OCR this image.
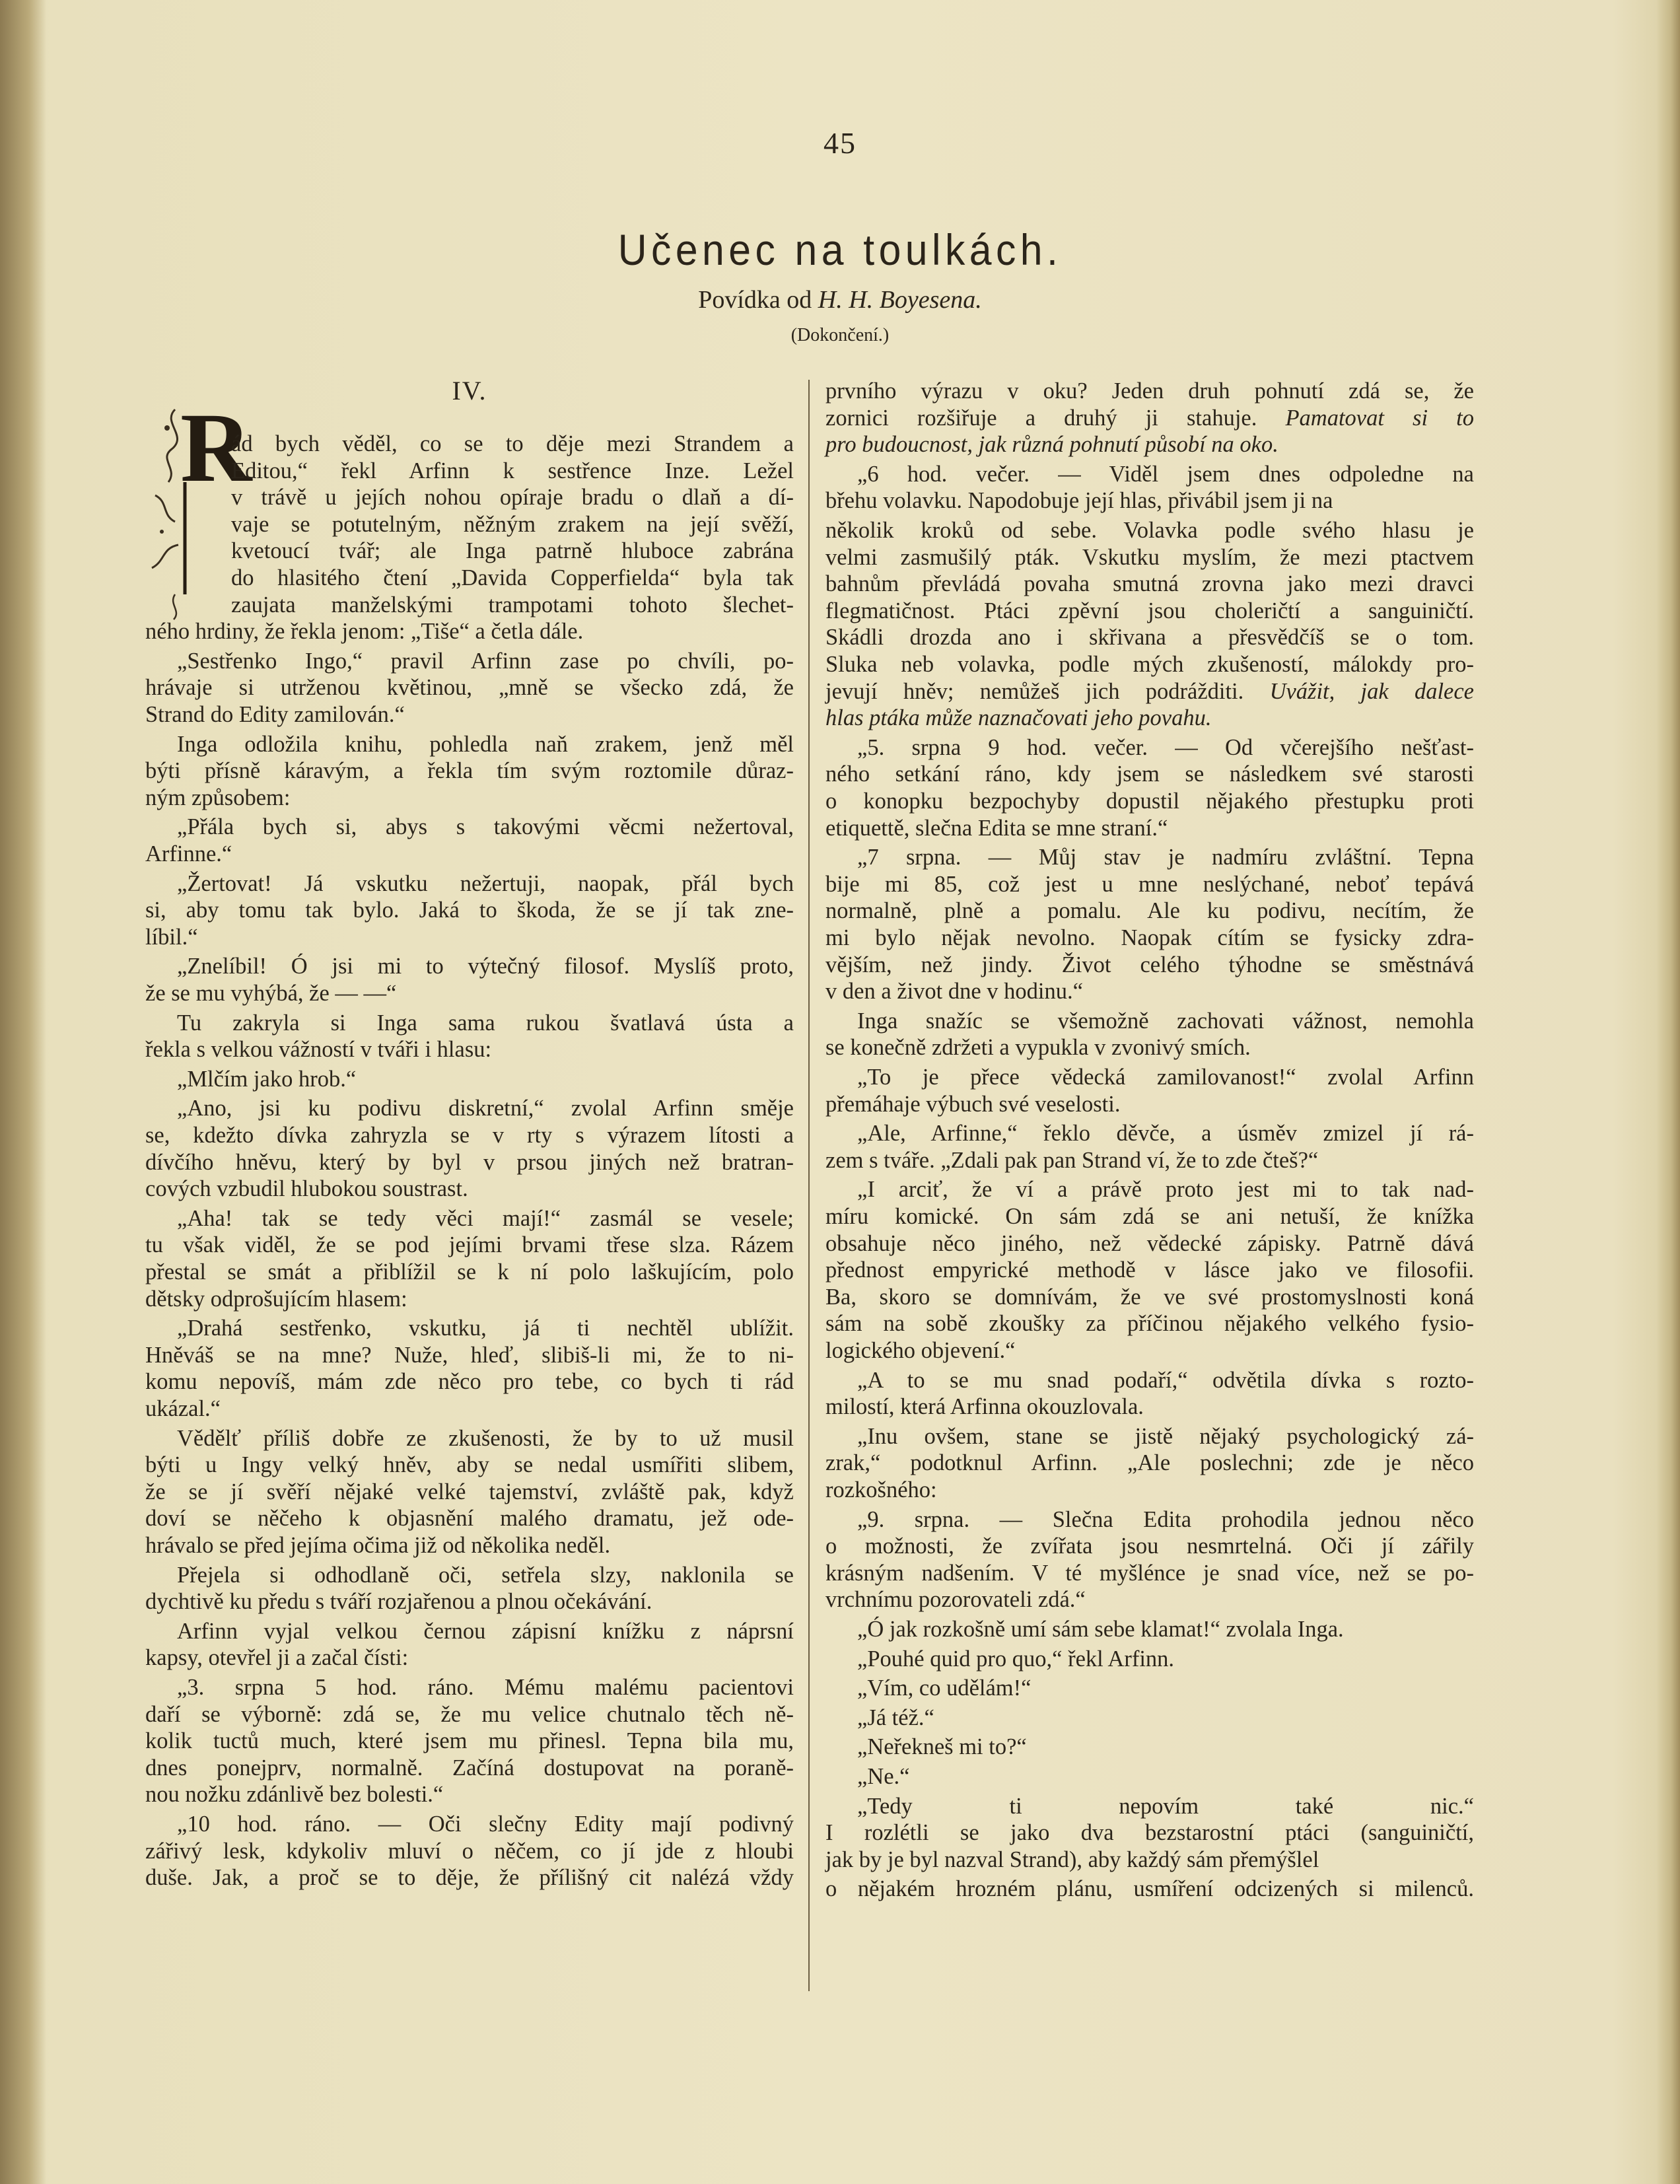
45
Učenec na toulkách.
Povídka od H. H. Boyesena.
(Dokončení.)
IV.
R
ád bych věděl, co se to děje mezi Strandem a
Editou,“ řekl Arfinn k sestřence Inze. Ležel
v trávě u jejích nohou opíraje bradu o dlaň a dí-
vaje se potutelným, něžným zrakem na její svěží,
kvetoucí tvář; ale Inga patrně hluboce zabrána
do hlasitého čtení „Davida Copperfielda“ byla tak
zaujata manželskými trampotami tohoto šlechet-
ného hrdiny, že řekla jenom: „Tiše“ a četla dále.
„Sestřenko Ingo,“ pravil Arfinn zase po chvíli, po-
hrávaje si utrženou květinou, „mně se všecko zdá, že
Strand do Edity zamilován.“
Inga odložila knihu, pohledla naň zrakem, jenž měl
býti přísně káravým, a řekla tím svým roztomile důraz-
ným způsobem:
„Přála bych si, abys s takovými věcmi nežertoval,
Arfinne.“
„Žertovat! Já vskutku nežertuji, naopak, přál bych
si, aby tomu tak bylo. Jaká to škoda, že se jí tak zne-
líbil.“
„Znelíbil! Ó jsi mi to výtečný filosof. Myslíš proto,
že se mu vyhýbá, že — —“
Tu zakryla si Inga sama rukou švatlavá ústa a
řekla s velkou vážností v tváři i hlasu:
„Mlčím jako hrob.“
„Ano, jsi ku podivu diskretní,“ zvolal Arfinn směje
se, kdežto dívka zahryzla se v rty s výrazem lítosti a
dívčího hněvu, který by byl v prsou jiných než bratran-
cových vzbudil hlubokou soustrast.
„Aha! tak se tedy věci mají!“ zasmál se vesele;
tu však viděl, že se pod jejími brvami třese slza. Rázem
přestal se smát a přiblížil se k ní polo laškujícím, polo
dětsky odprošujícím hlasem:
„Drahá sestřenko, vskutku, já ti nechtěl ublížit.
Hněváš se na mne? Nuže, hleď, slibiš-li mi, že to ni-
komu nepovíš, mám zde něco pro tebe, co bych ti rád
ukázal.“
Vědělť příliš dobře ze zkušenosti, že by to už musil
býti u Ingy velký hněv, aby se nedal usmířiti slibem,
že se jí svěří nějaké velké tajemství, zvláště pak, když
doví se něčeho k objasnění malého dramatu, jež ode-
hrávalo se před jejíma očima již od několika neděl.
Přejela si odhodlaně oči, setřela slzy, naklonila se
dychtivě ku předu s tváří rozjařenou a plnou očekávání.
Arfinn vyjal velkou černou zápisní knížku z náprsní
kapsy, otevřel ji a začal čísti:
„3. srpna 5 hod. ráno. Mému malému pacientovi
daří se výborně: zdá se, že mu velice chutnalo těch ně-
kolik tuctů much, které jsem mu přinesl. Tepna bila mu,
dnes ponejprv, normalně. Začíná dostupovat na poraně-
nou nožku zdánlivě bez bolesti.“
„10 hod. ráno. — Oči slečny Edity mají podivný
zářivý lesk, kdykoliv mluví o něčem, co jí jde z hloubi
duše. Jak, a proč se to děje, že přílišný cit nalézá vždy
prvního výrazu v oku? Jeden druh pohnutí zdá se, že
zornici rozšiřuje a druhý ji stahuje. Pamatovat si to
pro budoucnost, jak různá pohnutí působí na oko.
„6 hod. večer. — Viděl jsem dnes odpoledne na
břehu volavku. Napodobuje její hlas, přivábil jsem ji na
několik kroků od sebe. Volavka podle svého hlasu je
velmi zasmušilý pták. Vskutku myslím, že mezi ptactvem
bahnům převládá povaha smutná zrovna jako mezi dravci
flegmatičnost. Ptáci zpěvní jsou choleričtí a sanguiničtí.
Skádli drozda ano i skřivana a přesvědčíš se o tom.
Sluka neb volavka, podle mých zkušeností, málokdy pro-
jevují hněv; nemůžeš jich podrážditi. Uvážit, jak dalece
hlas ptáka může naznačovati jeho povahu.
„5. srpna 9 hod. večer. — Od včerejšího nešťast-
ného setkání ráno, kdy jsem se následkem své starosti
o konopku bezpochyby dopustil nějakého přestupku proti
etiquettě, slečna Edita se mne straní.“
„7 srpna. — Můj stav je nadmíru zvláštní. Tepna
bije mi 85, což jest u mne neslýchané, neboť tepává
normalně, plně a pomalu. Ale ku podivu, necítím, že
mi bylo nějak nevolno. Naopak cítím se fysicky zdra-
vějším, než jindy. Život celého týhodne se směstnává
v den a život dne v hodinu.“
Inga snažíc se všemožně zachovati vážnost, nemohla
se konečně zdržeti a vypukla v zvonivý smích.
„To je přece vědecká zamilovanost!“ zvolal Arfinn
přemáhaje výbuch své veselosti.
„Ale, Arfinne,“ řeklo děvče, a úsměv zmizel jí rá-
zem s tváře. „Zdali pak pan Strand ví, že to zde čteš?“
„I arciť, že ví a právě proto jest mi to tak nad-
míru komické. On sám zdá se ani netuší, že knížka
obsahuje něco jiného, než vědecké zápisky. Patrně dává
přednost empyrické methodě v lásce jako ve filosofii.
Ba, skoro se domnívám, že ve své prostomyslnosti koná
sám na sobě zkoušky za příčinou nějakého velkého fysio-
logického objevení.“
„A to se mu snad podaří,“ odvětila dívka s rozto-
milostí, která Arfinna okouzlovala.
„Inu ovšem, stane se jistě nějaký psychologický zá-
zrak,“ podotknul Arfinn. „Ale poslechni; zde je něco
rozkošného:
„9. srpna. — Slečna Edita prohodila jednou něco
o možnosti, že zvířata jsou nesmrtelná. Oči jí zářily
krásným nadšením. V té myšlénce je snad více, než se po-
vrchnímu pozorovateli zdá.“
„Ó jak rozkošně umí sám sebe klamat!“ zvolala Inga.
„Pouhé quid pro quo,“ řekl Arfinn.
„Vím, co udělám!“
„Já též.“
„Neřekneš mi to?“
„Ne.“
„Tedy ti nepovím také nic.“
I rozlétli se jako dva bezstarostní ptáci (sanguiničtí,
jak by je byl nazval Strand), aby každý sám přemýšlel
o nějakém hrozném plánu, usmíření odcizených si milenců.
